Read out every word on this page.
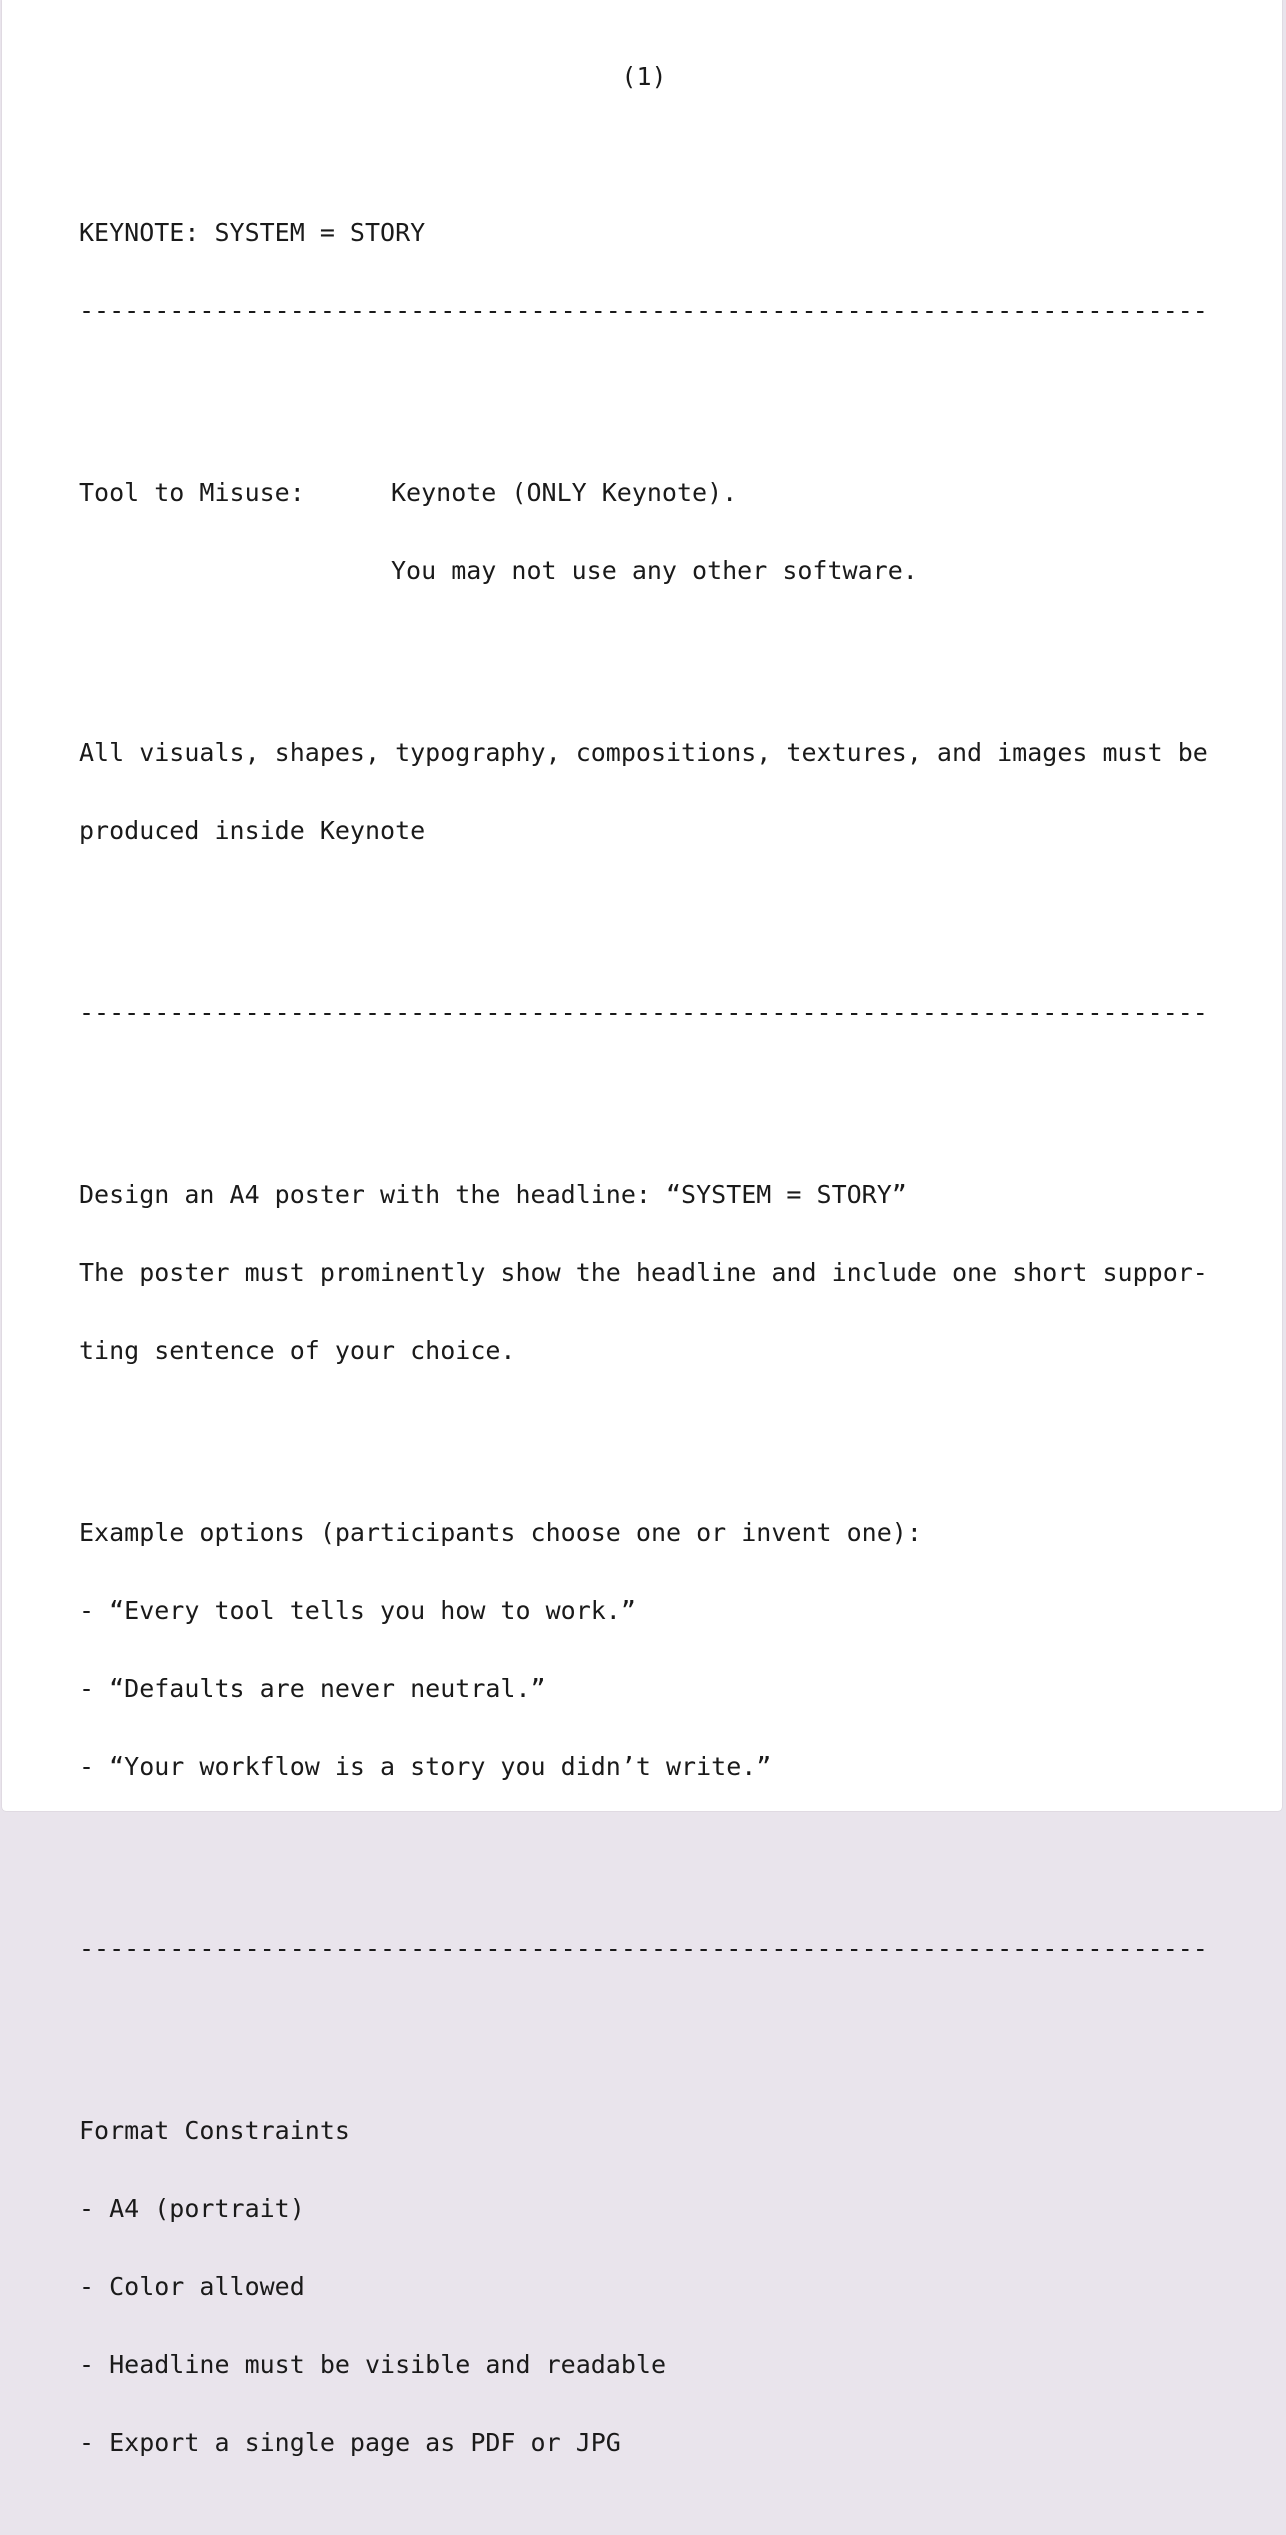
(1)

KEYNOTE: SYSTEM = STORY

---------------------------------------------------------------------------

Tool to Misuse:

	Keynote (ONLY Keynote).

You may not use any other software.

All visuals, shapes, typography, compositions, textures, and images must be

produced inside Keynote

---------------------------------------------------------------------------

Design an A4 poster with the headline: “SYSTEM = STORY”

The poster must prominently show the headline and include one short suppor-

ting sentence of your choice.

Example options (participants choose one or invent one):

- “Every tool tells you how to work.”

- “Defaults are never neutral.”

- “Your workflow is a story you didn’t write.”

---------------------------------------------------------------------------

Format Constraints

- A4 (portrait)

- Color allowed

- Headline must be visible and readable

- Export a single page as PDF or JPG
